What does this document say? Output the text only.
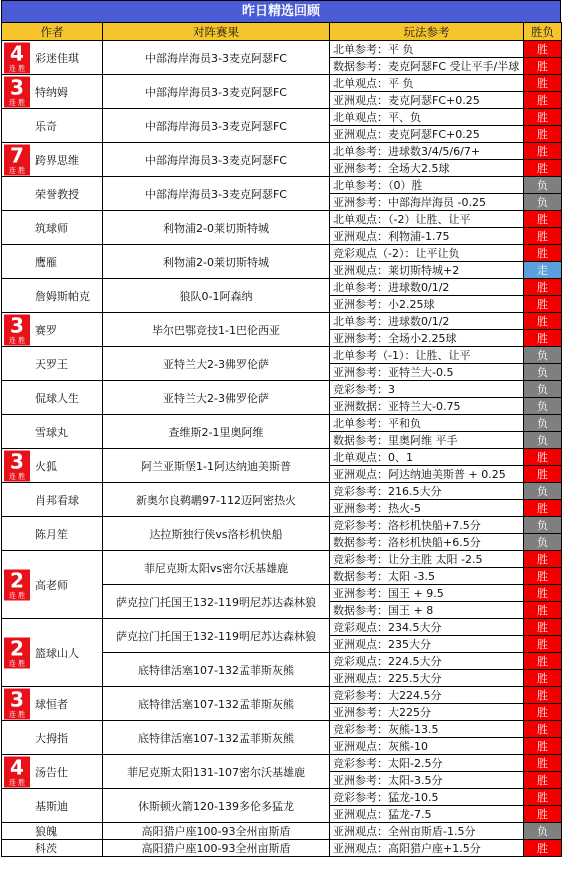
昨日精选回顾
作者	对阵赛果	玩法参考	胜负

4
连 胜
彩迷佳琪	中部海岸海员3-3麦克阿瑟FC	北单参考：平 负	胜
		数据参考：麦克阿瑟FC 受让平手/半球	胜

3
连 胜
特纳姆	中部海岸海员3-3麦克阿瑟FC	北单观点：平 负	胜
		亚洲观点：麦克阿瑟FC+0.25	胜

乐奇	中部海岸海员3-3麦克阿瑟FC	北单观点：平、负	胜
		亚洲观点：麦克阿瑟FC+0.25	胜

7
连 胜
跨界思维	中部海岸海员3-3麦克阿瑟FC	北单参考：进球数3/4/5/6/7+	胜
		亚洲参考：全场大2.5球	胜

荣誉教授	中部海岸海员3-3麦克阿瑟FC	北单参考：（0）胜	负
		亚洲参考：中部海岸海员 -0.25	负

筑球师	利物浦2-0莱切斯特城	北单观点：（-2）让胜、让平	胜
		亚洲观点：利物浦-1.75	胜

鹰雁	利物浦2-0莱切斯特城	竞彩观点（-2）：让平让负	胜
		亚洲观点：莱切斯特城+2	走

詹姆斯帕克	狼队0-1阿森纳	北单参考：进球数0/1/2	胜
		亚洲参考：小2.25球	胜

3
连 胜
赛罗	毕尔巴鄂竞技1-1巴伦西亚	北单参考：进球数0/1/2	胜
		亚洲参考：全场小2.25球	胜

天罗王	亚特兰大2-3佛罗伦萨	北单参考（-1）：让胜、让平	负
		亚洲参考：亚特兰大-0.5	负

侃球人生	亚特兰大2-3佛罗伦萨	竞彩参考：3	负
		亚洲数据：亚特兰大-0.75	负

雪球丸	查维斯2-1里奥阿维	北单参考：平和负	负
		数据参考：里奥阿维 平手	负

3
连 胜
火狐	阿兰亚斯堡1-1阿达纳迪美斯普	北单观点：0、1	胜
		亚洲观点：阿达纳迪美斯普 + 0.25	胜

肖邦看球	新奥尔良鹈鹕97-112迈阿密热火	竞彩参考：216.5大分	负
		亚洲参考：热火-5	胜

陈月笙	达拉斯独行侠vs洛杉机快船	竞彩参考：洛杉机快船+7.5分	负
		数据参考：洛杉机快船+6.5分	负

2
连 胜
高老师	菲尼克斯太阳vs密尔沃基雄鹿	竞彩参考：让分主胜 太阳 -2.5	胜
		数据参考：太阳 -3.5	胜
	萨克拉门托国王132-119明尼苏达森林狼	亚洲参考：国王 + 9.5	胜
		数据参考：国王 + 8	胜

2
连 胜
篮球山人	萨克拉门托国王132-119明尼苏达森林狼	竞彩观点：234.5大分	胜
		亚洲观点：235大分	胜
	底特律活塞107-132孟菲斯灰熊	竞彩观点：224.5大分	胜
		亚洲观点：225.5大分	胜

3
连 胜
球恒者	底特律活塞107-132孟菲斯灰熊	竞彩参考：大224.5分	胜
		亚洲参考：大225分	胜

大拇指	底特律活塞107-132孟菲斯灰熊	竞彩参考：灰熊-13.5	胜
		亚洲观点：灰熊-10	胜

4
连 胜
汤告仕	菲尼克斯太阳131-107密尔沃基雄鹿	竞彩参考：太阳-2.5分	胜
		亚洲参考：太阳-3.5分	胜

基斯迪	休斯顿火箭120-139多伦多猛龙	竞彩参考：猛龙-10.5	胜
		亚洲观点：猛龙-7.5	胜

狼魄	高阳猎户座100-93全州亩斯盾	亚洲观点：全州亩斯盾-1.5分	负

科茨	高阳猎户座100-93全州亩斯盾	亚洲观点：高阳猎户座+1.5分	胜
